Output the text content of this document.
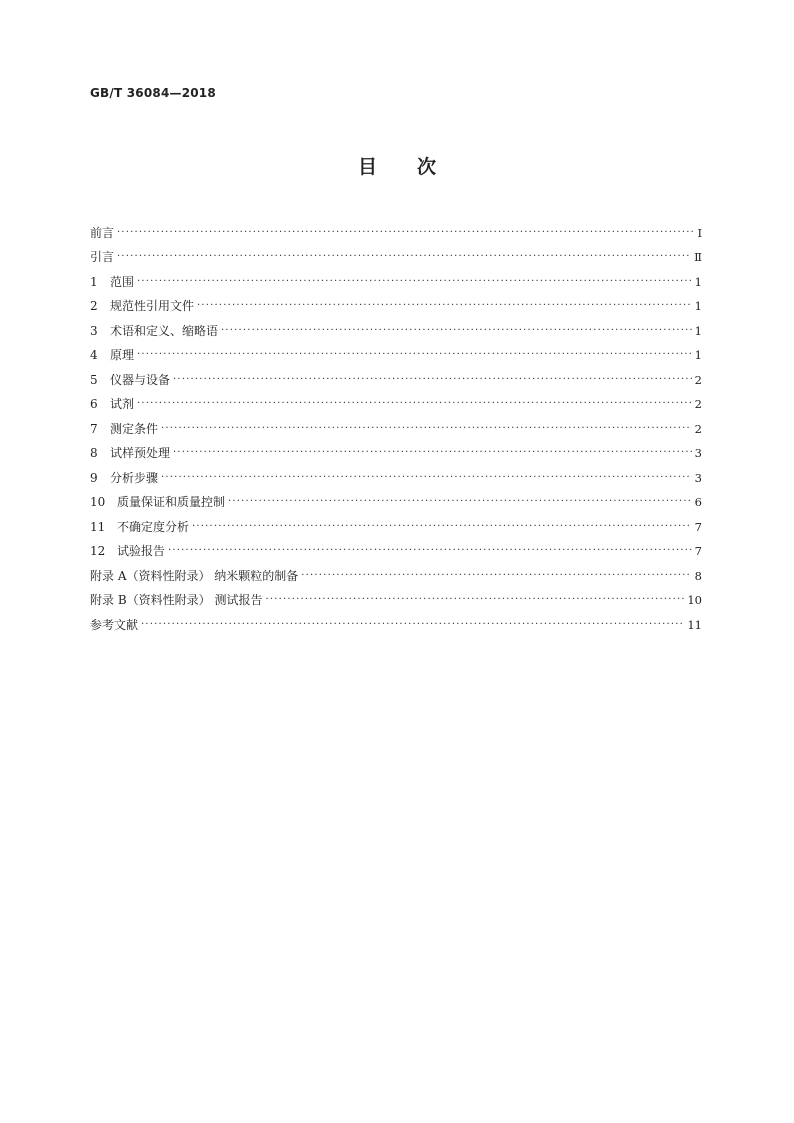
GB/T 36084—2018
目次
前言 ·····	Ⅰ
引言 ·····	Ⅱ
1 范围 ·····	1
2 规范性引用文件 ·····	1
3 术语和定义、缩略语 ·····	1
4 原理 ·····	1
5 仪器与设备 ·····	2
6 试剂 ·····	2
7 测定条件 ·····	2
8 试样预处理 ·····	3
9 分析步骤 ·····	3
10 质量保证和质量控制 ·····	6
11 不确定度分析 ·····	7
12 试验报告 ·····	7
附录 A（资料性附录） 纳米颗粒的制备 ·····	8
附录 B（资料性附录） 测试报告 ·····	10
参考文献 ·····	11
